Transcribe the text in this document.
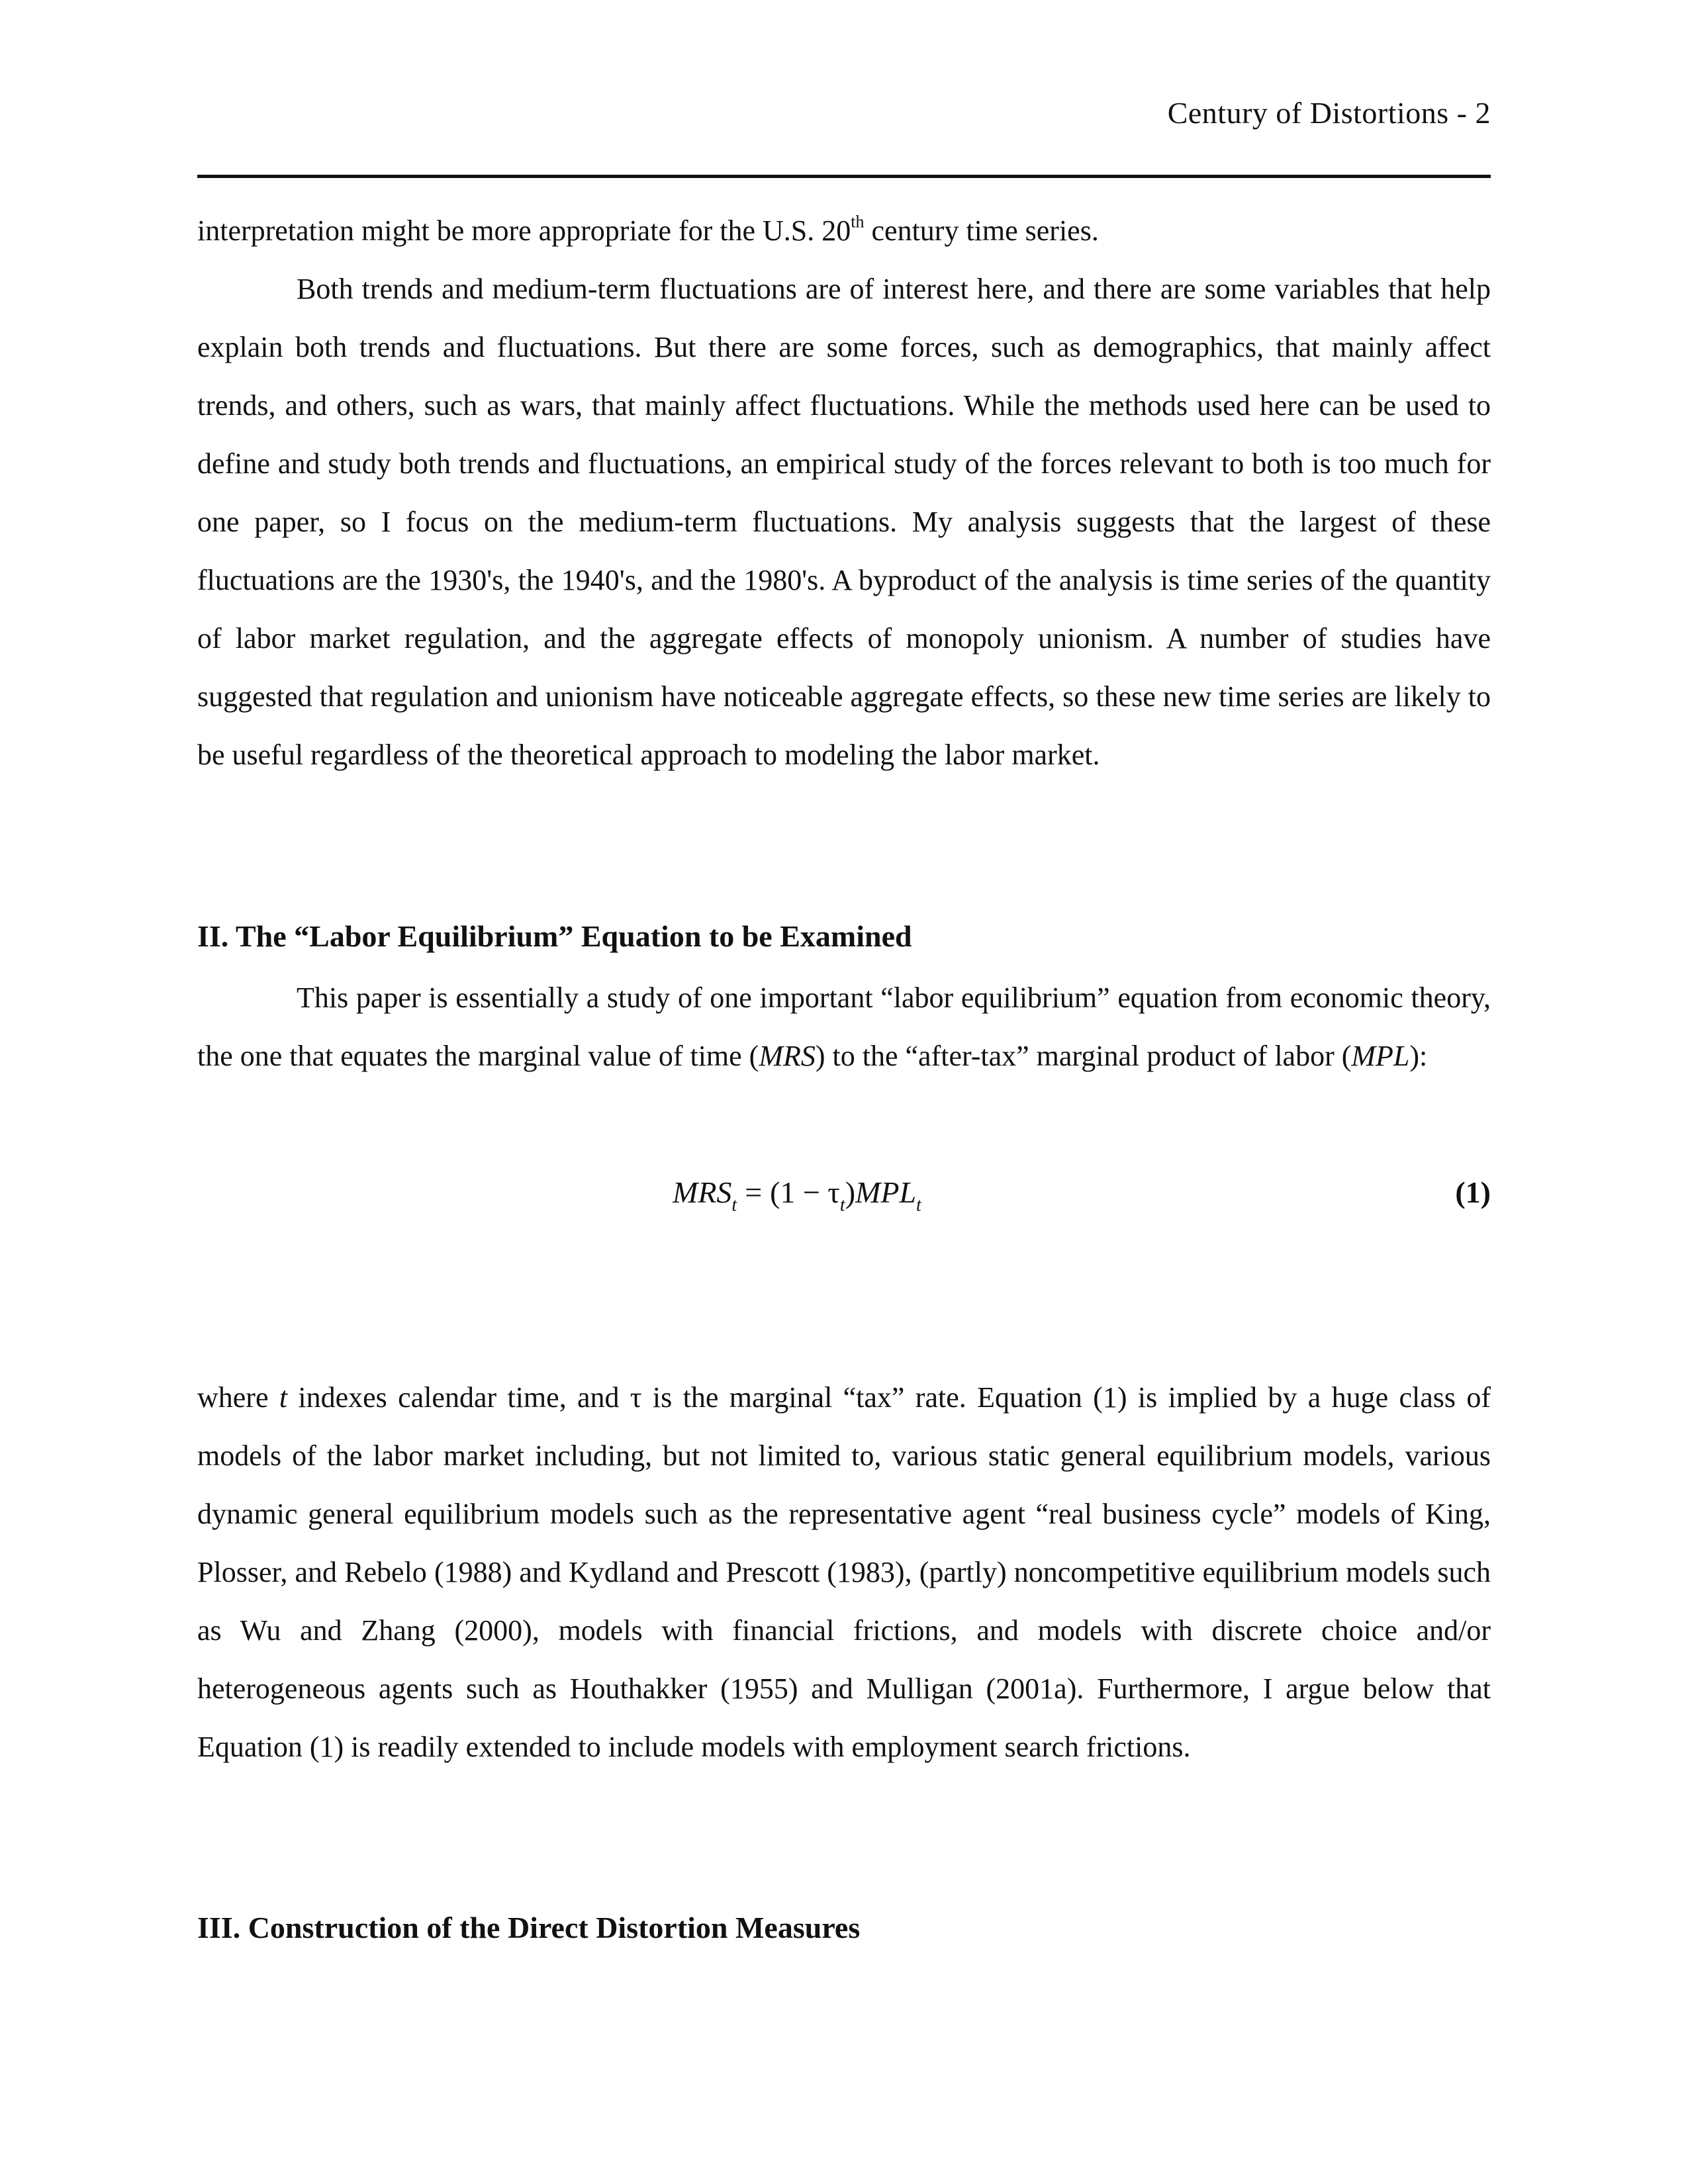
Century of Distortions - 2

interpretation might be more appropriate for the U.S. 20th century time series.

Both trends and medium-term fluctuations are of interest here, and there are some variables that help explain both trends and fluctuations. But there are some forces, such as demographics, that mainly affect trends, and others, such as wars, that mainly affect fluctuations. While the methods used here can be used to define and study both trends and fluctuations, an empirical study of the forces relevant to both is too much for one paper, so I focus on the medium-term fluctuations. My analysis suggests that the largest of these fluctuations are the 1930's, the 1940's, and the 1980's. A byproduct of the analysis is time series of the quantity of labor market regulation, and the aggregate effects of monopoly unionism. A number of studies have suggested that regulation and unionism have noticeable aggregate effects, so these new time series are likely to be useful regardless of the theoretical approach to modeling the labor market.

II. The “Labor Equilibrium” Equation to be Examined

This paper is essentially a study of one important “labor equilibrium” equation from economic theory, the one that equates the marginal value of time (MRS) to the “after-tax” marginal product of labor (MPL):

$MRS_t = (1 - \tau_t)MPL_t$	(1)

where t indexes calendar time, and τ is the marginal “tax” rate. Equation (1) is implied by a huge class of models of the labor market including, but not limited to, various static general equilibrium models, various dynamic general equilibrium models such as the representative agent “real business cycle” models of King, Plosser, and Rebelo (1988) and Kydland and Prescott (1983), (partly) noncompetitive equilibrium models such as Wu and Zhang (2000), models with financial frictions, and models with discrete choice and/or heterogeneous agents such as Houthakker (1955) and Mulligan (2001a). Furthermore, I argue below that Equation (1) is readily extended to include models with employment search frictions.

III. Construction of the Direct Distortion Measures
